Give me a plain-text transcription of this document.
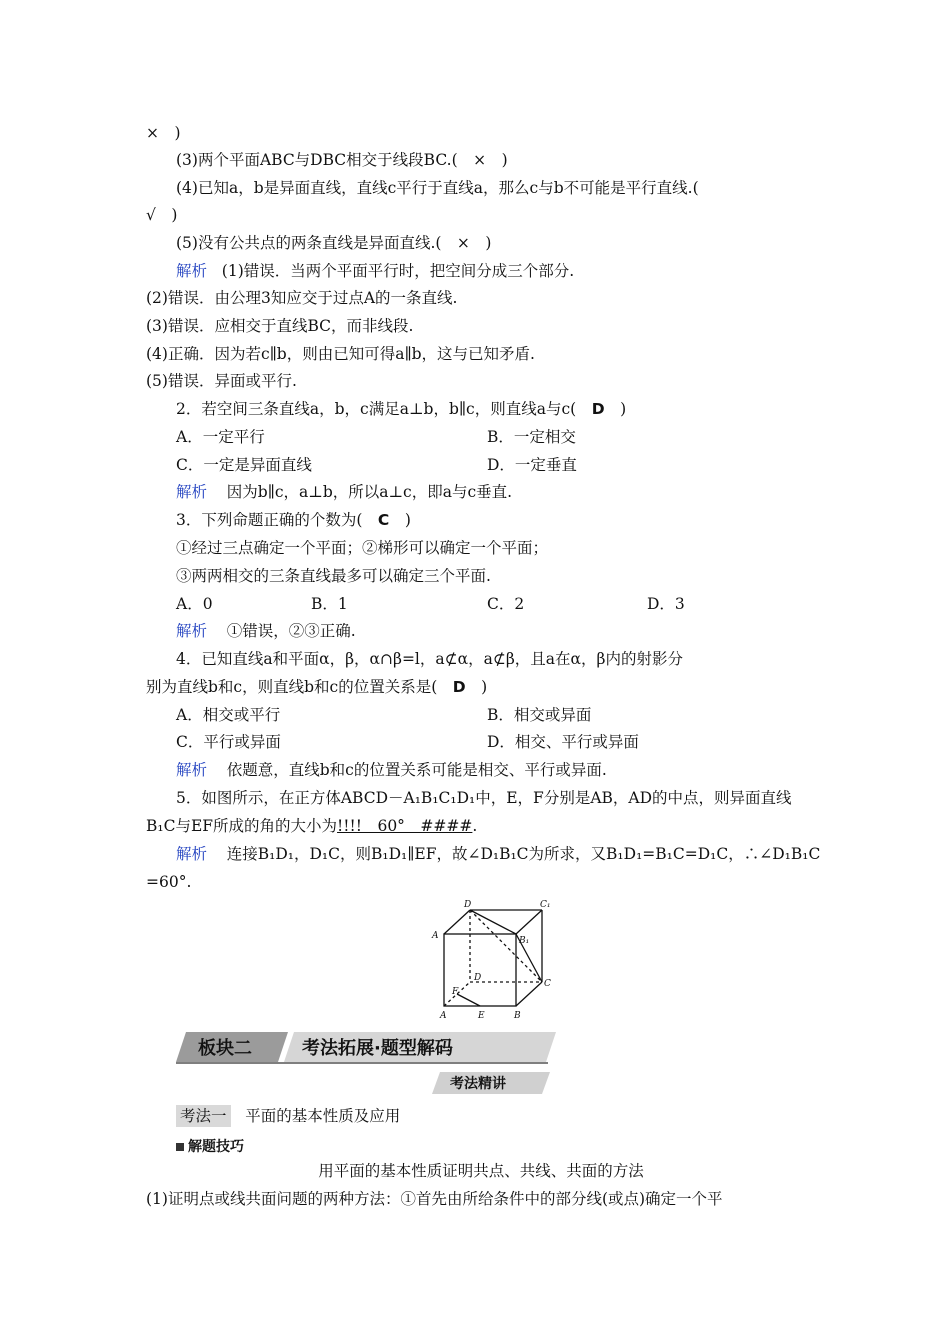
×　)
(3)两个平面ABC与DBC相交于线段BC.(　×　)
(4)已知a，b是异面直线，直线c平行于直线a，那么c与b不可能是平行直线.(
√　)
(5)没有公共点的两条直线是异面直线.(　×　)
解析 (1)错误．当两个平面平行时，把空间分成三个部分.
(2)错误．由公理3知应交于过点A的一条直线.
(3)错误．应相交于直线BC，而非线段.
(4)正确．因为若c∥b，则由已知可得a∥b，这与已知矛盾.
(5)错误．异面或平行.
2．若空间三条直线a，b，c满足a⊥b，b∥c，则直线a与c(　D　)
A．一定平行	B．一定相交
C．一定是异面直线	D．一定垂直
解析 因为b∥c，a⊥b，所以a⊥c，即a与c垂直.
3．下列命题正确的个数为(　C　)
①经过三点确定一个平面；②梯形可以确定一个平面；
③两两相交的三条直线最多可以确定三个平面.
A．0	B．1	C．2	D．3
解析 ①错误，②③正确.
4．已知直线a和平面α，β，α∩β=l，a⊄α，a⊄β，且a在α，β内的射影分
别为直线b和c，则直线b和c的位置关系是(　D　)
A．相交或平行	B．相交或异面
C．平行或异面	D．相交、平行或异面
解析 依题意，直线b和c的位置关系可能是相交、平行或异面.
5．如图所示，在正方体ABCD－A₁B₁C₁D₁中，E，F分别是AB，AD的中点，则异面直线
B₁C与EF所成的角的大小为!!!!　60°　####.
解析 连接B₁D₁，D₁C，则B₁D₁∥EF，故∠D₁B₁C为所求，又B₁D₁=B₁C=D₁C，∴∠D₁B₁C
=60°.
D	C₁
A	B₁
D
C
F
A	E	B
板块二	考法拓展·题型解码
考法精讲
考法一 平面的基本性质及应用
解题技巧
用平面的基本性质证明共点、共线、共面的方法
(1)证明点或线共面问题的两种方法：①首先由所给条件中的部分线(或点)确定一个平
